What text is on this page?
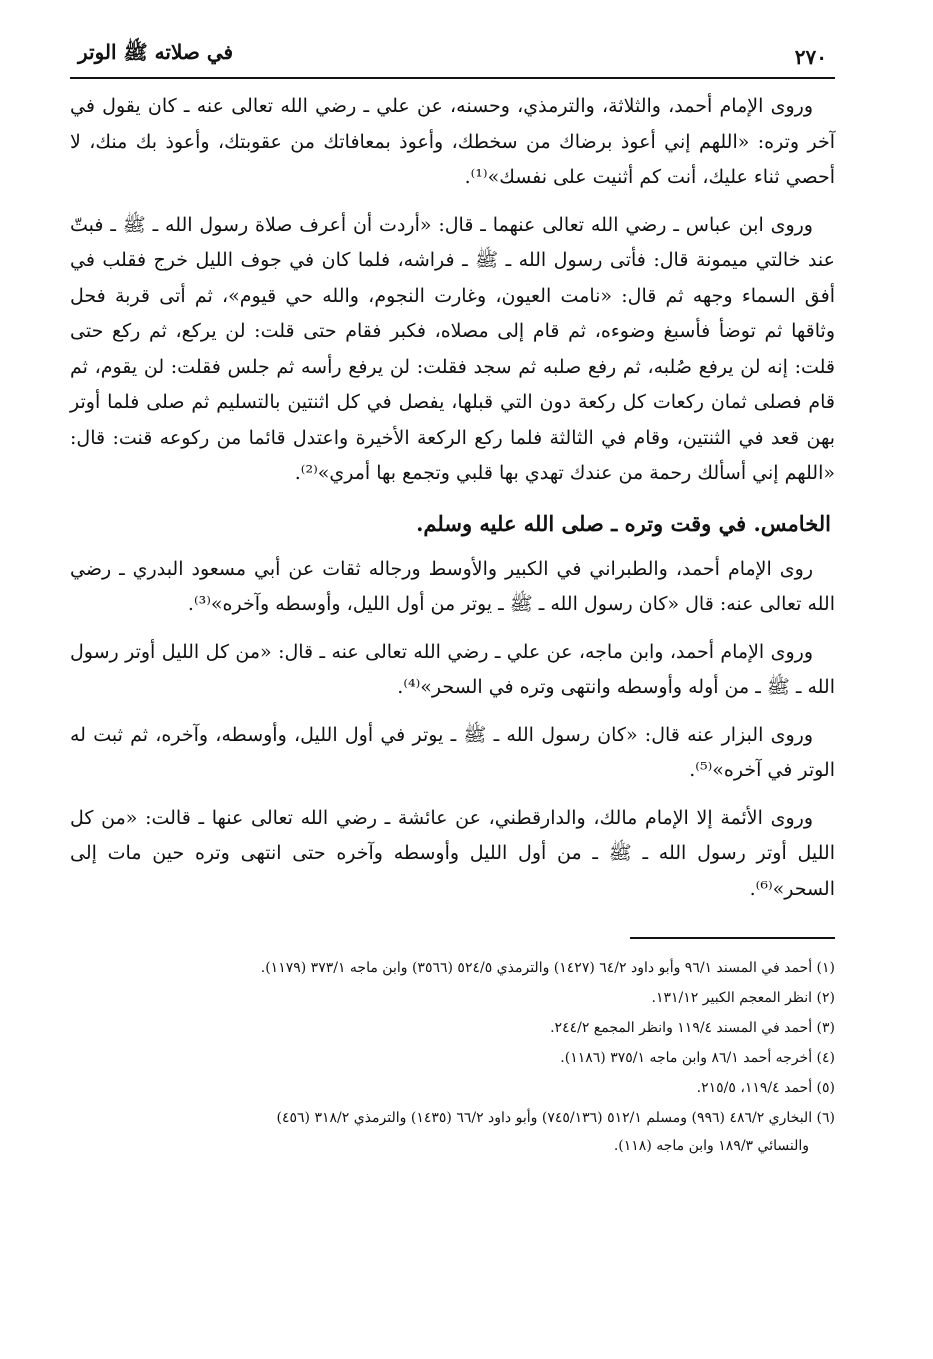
٢٧٠
في صلاته ﷺ الوتر

وروى الإمام أحمد، والثلاثة، والترمذي، وحسنه، عن علي ـ رضي الله تعالى عنه ـ كان يقول في آخر وتره: «اللهم إني أعوذ برضاك من سخطك، وأعوذ بمعافاتك من عقوبتك، وأعوذ بك منك، لا أحصي ثناء عليك، أنت كم أثنيت على نفسك»⁽¹⁾.

وروى ابن عباس ـ رضي الله تعالى عنهما ـ قال: «أردت أن أعرف صلاة رسول الله ـ ﷺ ـ فبتّ عند خالتي ميمونة قال: فأتى رسول الله ـ ﷺ ـ فراشه، فلما كان في جوف الليل خرج فقلب في أفق السماء وجهه ثم قال: «نامت العيون، وغارت النجوم، والله حي قيوم»، ثم أتى قربة فحل وثاقها ثم توضأ فأسبغ وضوءه، ثم قام إلى مصلاه، فكبر فقام حتى قلت: لن يركع، ثم ركع حتى قلت: إنه لن يرفع صُلبه، ثم رفع صلبه ثم سجد فقلت: لن يرفع رأسه ثم جلس فقلت: لن يقوم، ثم قام فصلى ثمان ركعات كل ركعة دون التي قبلها، يفصل في كل اثنتين بالتسليم ثم صلى فلما أوتر بهن قعد في الثنتين، وقام في الثالثة فلما ركع الركعة الأخيرة واعتدل قائما من ركوعه قنت: قال: «اللهم إني أسألك رحمة من عندك تهدي بها قلبي وتجمع بها أمري»⁽²⁾.

الخامس. في وقت وتره ـ صلى الله عليه وسلم.

روى الإمام أحمد، والطبراني في الكبير والأوسط ورجاله ثقات عن أبي مسعود البدري ـ رضي الله تعالى عنه: قال «كان رسول الله ـ ﷺ ـ يوتر من أول الليل، وأوسطه وآخره»⁽³⁾.

وروى الإمام أحمد، وابن ماجه، عن علي ـ رضي الله تعالى عنه ـ قال: «من كل الليل أوتر رسول الله ـ ﷺ ـ من أوله وأوسطه وانتهى وتره في السحر»⁽⁴⁾.

وروى البزار عنه قال: «كان رسول الله ـ ﷺ ـ يوتر في أول الليل، وأوسطه، وآخره، ثم ثبت له الوتر في آخره»⁽⁵⁾.

وروى الأئمة إلا الإمام مالك، والدارقطني، عن عائشة ـ رضي الله تعالى عنها ـ قالت: «من كل الليل أوتر رسول الله ـ ﷺ ـ من أول الليل وأوسطه وآخره حتى انتهى وتره حين مات إلى السحر»⁽⁶⁾.

(١) أحمد في المسند ٩٦/١ وأبو داود ٦٤/٢ (١٤٢٧) والترمذي ٥٢٤/٥ (٣٥٦٦) وابن ماجه ٣٧٣/١ (١١٧٩).

(٢) انظر المعجم الكبير ١٣١/١٢.

(٣) أحمد في المسند ١١٩/٤ وانظر المجمع ٢٤٤/٢.

(٤) أخرجه أحمد ٨٦/١ وابن ماجه ٣٧٥/١ (١١٨٦).

(٥) أحمد ١١٩/٤، ٢١٥/٥.

(٦) البخاري ٤٨٦/٢ (٩٩٦) ومسلم ٥١٢/١ (٧٤٥/١٣٦) وأبو داود ٦٦/٢ (١٤٣٥) والترمذي ٣١٨/٢ (٤٥٦)
والنسائي ١٨٩/٣ وابن ماجه (١١٨).
